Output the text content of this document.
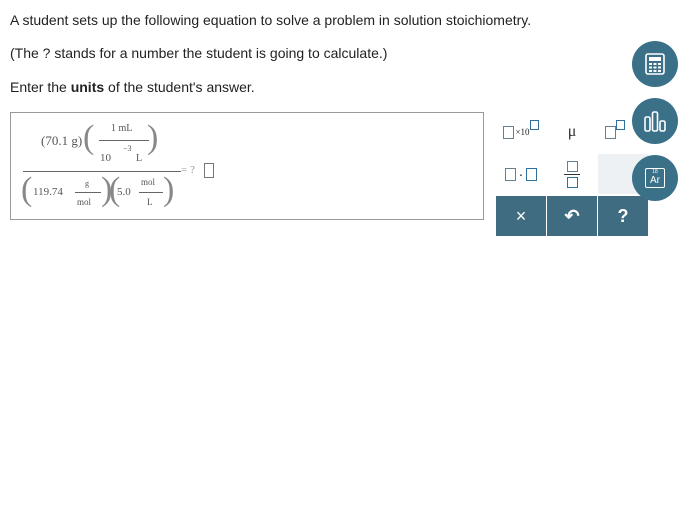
A student sets up the following equation to solve a problem in solution stoichiometry.
(The ? stands for a number the student is going to calculate.)
Enter the units of the student's answer.
(70.1 g) ( 1 mL
−3
10	L
)
( 119.74
g
mol )
(
5.0
mol
L )
= ?
×10 μ
·
× ↶ ?
18
Ar
